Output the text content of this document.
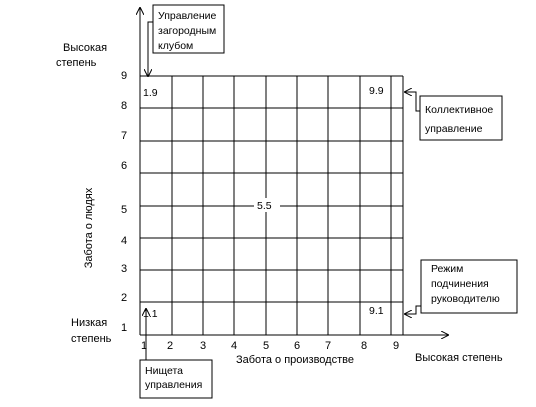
1 2 3 4 5 6 7	8 9
1
2
3
4
5
6
7
8
9
Забота о людях
Забота о производстве
Высокая
степень
Низкая
степень
Высокая степень
1.9	9.9
5.5
1.1	9.1
Управление
загородным
клубом
Коллективное
управление
Режим
подчинения
руководителю
Нищета
управления
